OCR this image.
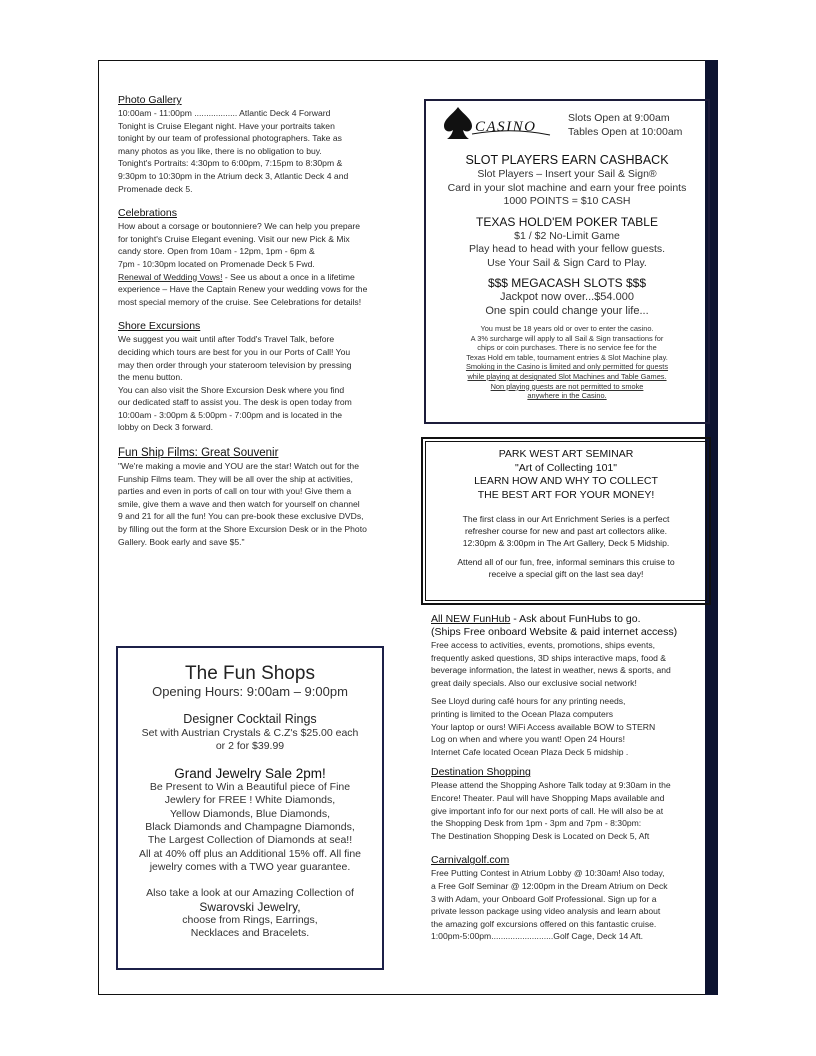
Photo Gallery

10:00am - 11:00pm .................. Atlantic Deck 4 Forward

Tonight is Cruise Elegant night. Have your portraits taken

tonight by our team of professional photographers. Take as

many photos as you like, there is no obligation to buy.

Tonight's Portraits: 4:30pm to 6:00pm, 7:15pm to 8:30pm &

9:30pm to 10:30pm in the Atrium deck 3, Atlantic Deck 4 and

Promenade deck 5.

Celebrations

How about a corsage or boutonniere? We can help you prepare

for tonight's Cruise Elegant evening. Visit our new Pick & Mix

candy store. Open from 10am - 12pm, 1pm - 6pm &

7pm - 10:30pm located on Promenade Deck 5 Fwd.

Renewal of Wedding Vows! - See us about a once in a lifetime

experience – Have the Captain Renew your wedding vows for the

most special memory of the cruise. See Celebrations for details!

Shore Excursions

We suggest you wait until after Todd's Travel Talk, before

deciding which tours are best for you in our Ports of Call! You

may then order through your stateroom television by pressing

the menu button.

You can also visit the Shore Excursion Desk where you find

our dedicated staff to assist you. The desk is open today from

10:00am - 3:00pm & 5:00pm - 7:00pm and is located in the

lobby on Deck 3 forward.

Fun Ship Films: Great Souvenir

"We're making a movie and YOU are the star! Watch out for the

Funship Films team. They will be all over the ship at activities,

parties and even in ports of call on tour with you! Give them a

smile, give them a wave and then watch for yourself on channel

9 and 21 for all the fun! You can pre-book these exclusive DVDs,

by filling out the form at the Shore Excursion Desk or in the Photo

Gallery. Book early and save $5."

CASINO
Slots Open at 9:00am
Tables Open at 10:00am
SLOT PLAYERS EARN CASHBACK
Slot Players – Insert your Sail & Sign®
Card in your slot machine and earn your free points
1000 POINTS = $10 CASH
TEXAS HOLD'EM POKER TABLE
$1 / $2 No-Limit Game
Play head to head with your fellow guests.
Use Your Sail & Sign Card to Play.
$$$ MEGACASH SLOTS $$$
Jackpot now over...$54.000
One spin could change your life...
You must be 18 years old or over to enter the casino.
A 3% surcharge will apply to all Sail & Sign transactions for
chips or coin purchases. There is no service fee for the
Texas Hold em table, tournament entries & Slot Machine play.
Smoking in the Casino is limited and only permitted for guests
while playing at designated Slot Machines and Table Games.
Non playing guests are not permitted to smoke
anywhere in the Casino.
PARK WEST ART SEMINAR
"Art of Collecting 101"
LEARN HOW AND WHY TO COLLECT
THE BEST ART FOR YOUR MONEY!
The first class in our Art Enrichment Series is a perfect
refresher course for new and past art collectors alike.
12:30pm & 3:00pm in The Art Gallery, Deck 5 Midship.
Attend all of our fun, free, informal seminars this cruise to
receive a special gift on the last sea day!

All NEW FunHub - Ask about FunHubs to go.

(Ships Free onboard Website & paid internet access)

Free access to activities, events, promotions, ships events,

frequently asked questions, 3D ships interactive maps, food &

beverage information, the latest in weather, news & sports, and

great daily specials. Also our exclusive social network!

See Lloyd during café hours for any printing needs,

printing is limited to the Ocean Plaza computers

Your laptop or ours! WiFi Access available BOW to STERN

Log on when and where you want! Open 24 Hours!

Internet Cafe located Ocean Plaza Deck 5 midship .

Destination Shopping

Please attend the Shopping Ashore Talk today at 9:30am in the

Encore! Theater. Paul will have Shopping Maps available and

give important info for our next ports of call. He will also be at

the Shopping Desk from 1pm - 3pm and 7pm - 8:30pm:

The Destination Shopping Desk is Located on Deck 5, Aft

Carnivalgolf.com

Free Putting Contest in Atrium Lobby @ 10:30am! Also today,

a Free Golf Seminar @ 12:00pm in the Dream Atrium on Deck

3 with Adam, your Onboard Golf Professional. Sign up for a

private lesson package using video analysis and learn about

the amazing golf excursions offered on this fantastic cruise.

1:00pm-5:00pm..........................Golf Cage, Deck 14 Aft.

The Fun Shops
Opening Hours: 9:00am – 9:00pm
Designer Cocktail Rings
Set with Austrian Crystals & C.Z's $25.00 each
or 2 for $39.99
Grand Jewelry Sale 2pm!
Be Present to Win a Beautiful piece of Fine
Jewlery for FREE ! White Diamonds,
Yellow Diamonds, Blue Diamonds,
Black Diamonds and Champagne Diamonds,
The Largest Collection of Diamonds at sea!!
All at 40% off plus an Additional 15% off. All fine
jewelry comes with a TWO year guarantee.
Also take a look at our Amazing Collection of
Swarovski Jewelry,
choose from Rings, Earrings,
Necklaces and Bracelets.
